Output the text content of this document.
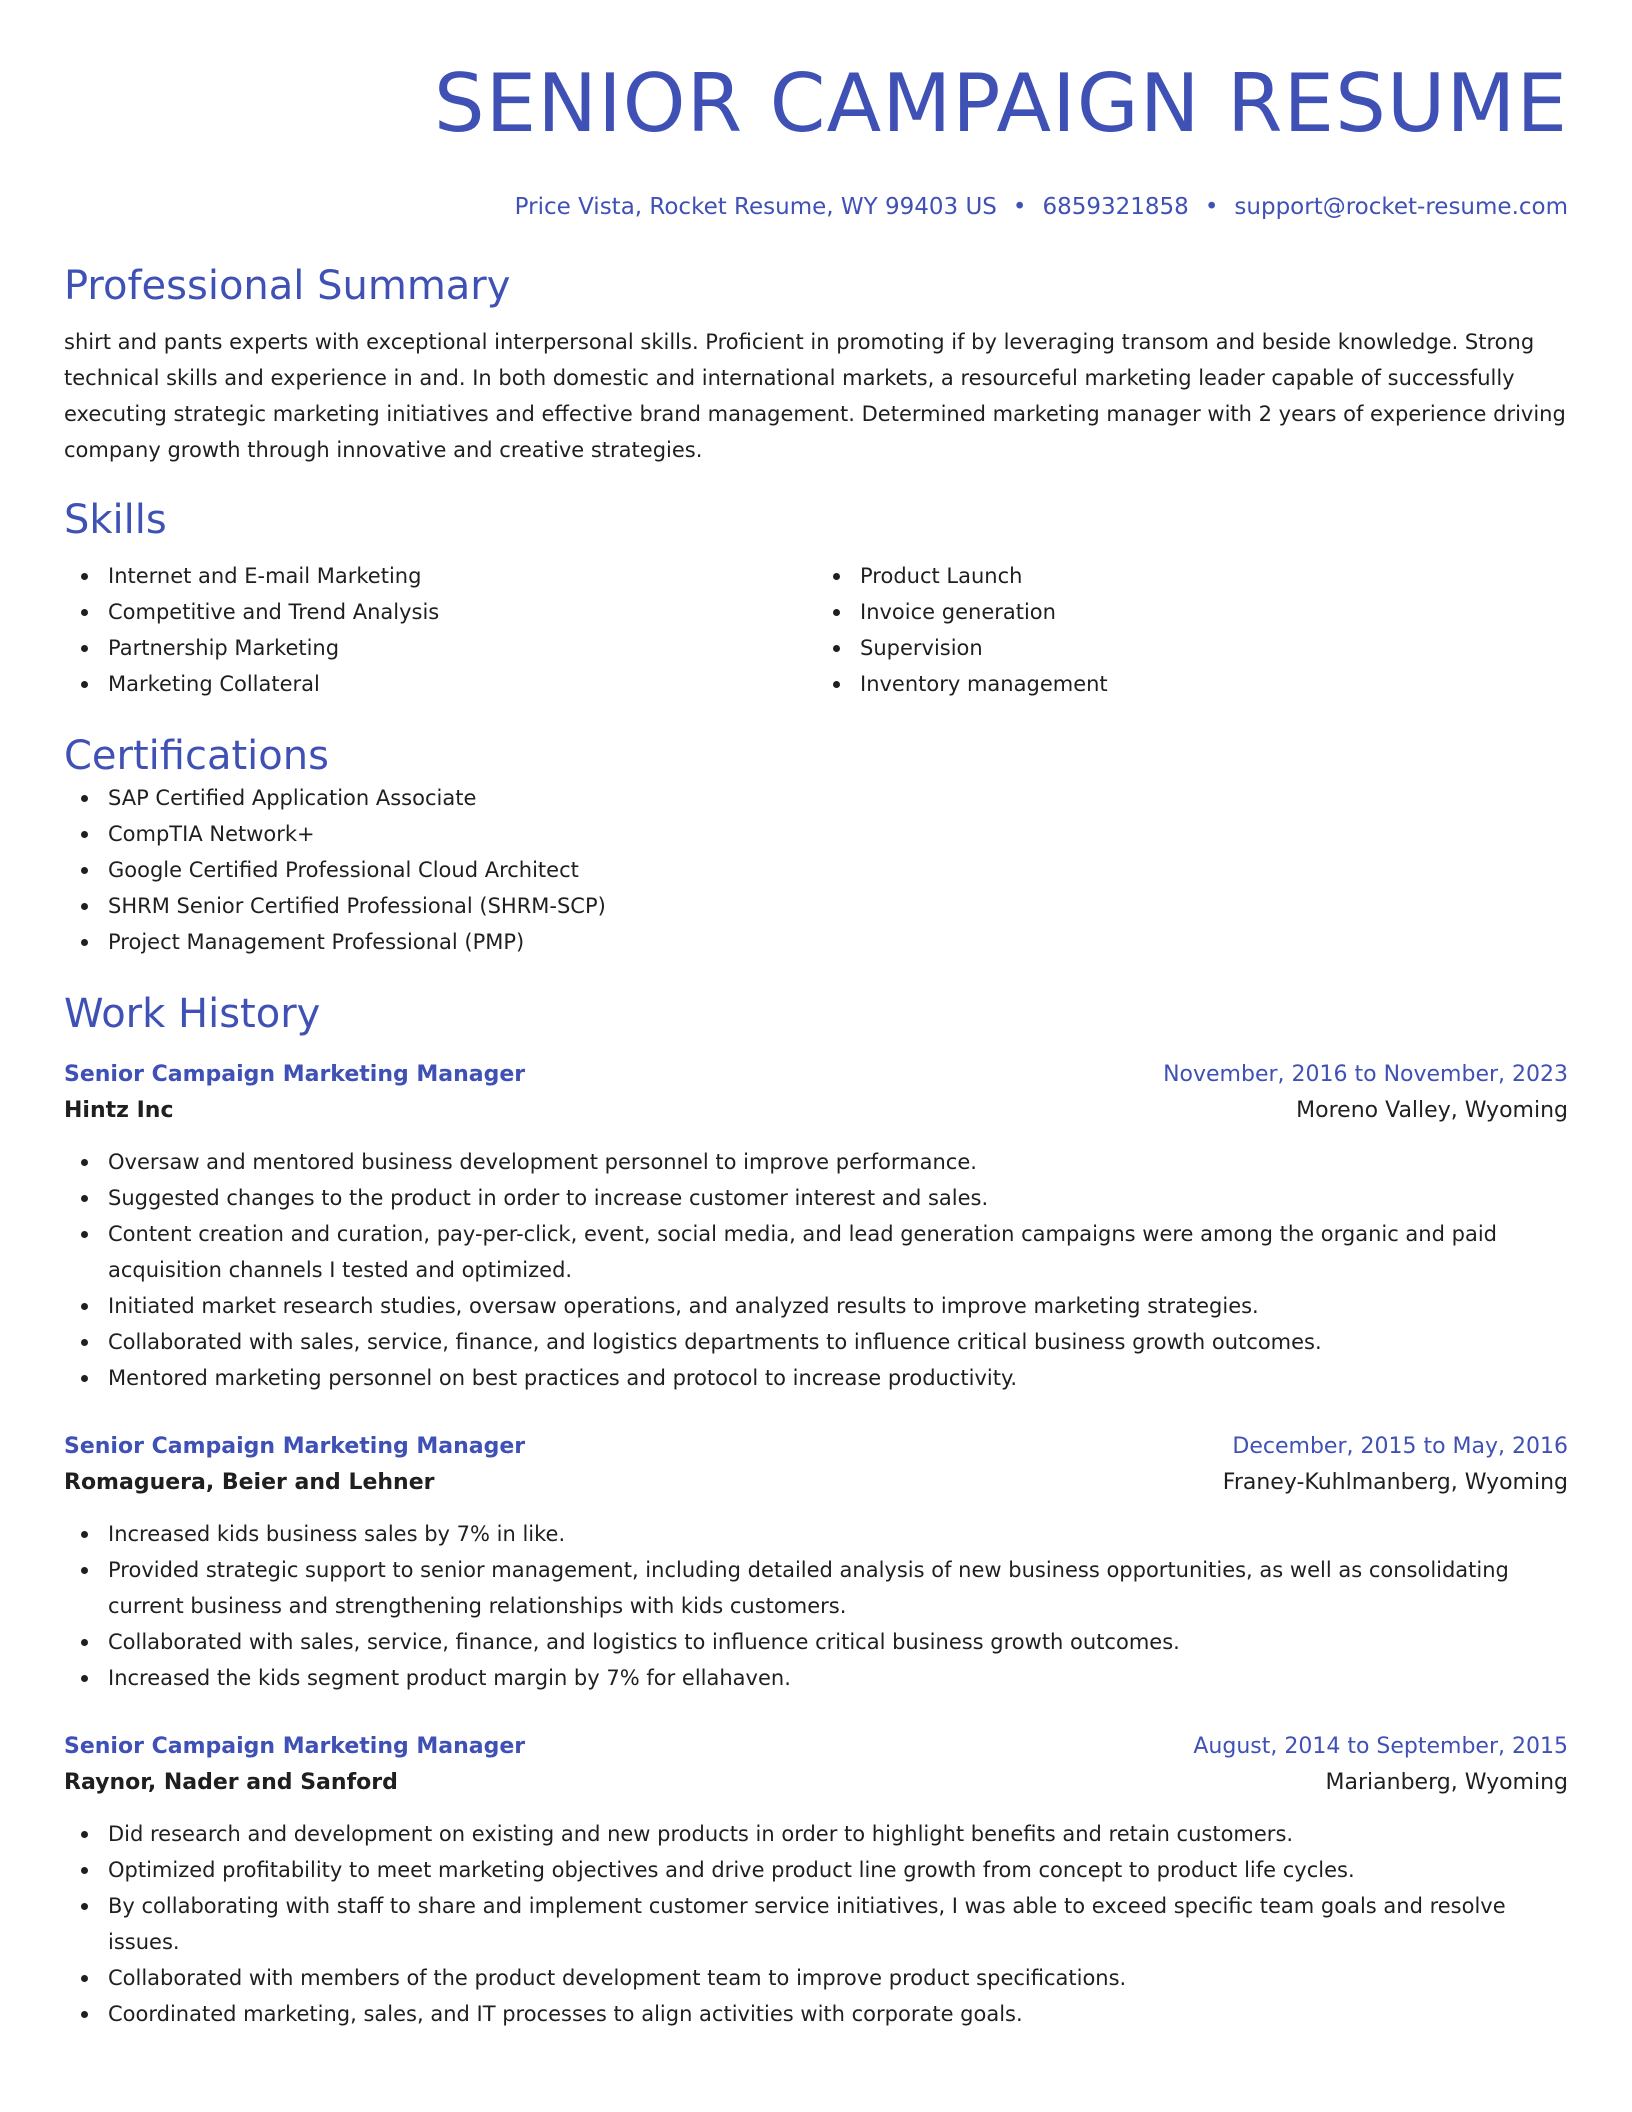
SENIOR CAMPAIGN RESUME
Price Vista, Rocket Resume, WY 99403 US • 6859321858 • support@rocket-resume.com
Professional Summary
shirt and pants experts with exceptional interpersonal skills. Proficient in promoting if by leveraging transom and beside knowledge. Strong technical skills and experience in and. In both domestic and international markets, a resourceful marketing leader capable of successfully executing strategic marketing initiatives and effective brand management. Determined marketing manager with 2 years of experience driving company growth through innovative and creative strategies.
Skills
Internet and E-mail Marketing
Competitive and Trend Analysis
Partnership Marketing
Marketing Collateral
Product Launch
Invoice generation
Supervision
Inventory management
Certifications
SAP Certified Application Associate
CompTIA Network+
Google Certified Professional Cloud Architect
SHRM Senior Certified Professional (SHRM-SCP)
Project Management Professional (PMP)
Work History
Senior Campaign Marketing Manager	November, 2016 to November, 2023
Hintz Inc	Moreno Valley, Wyoming
Oversaw and mentored business development personnel to improve performance.
Suggested changes to the product in order to increase customer interest and sales.
Content creation and curation, pay-per-click, event, social media, and lead generation campaigns were among the organic and paid acquisition channels I tested and optimized.
Initiated market research studies, oversaw operations, and analyzed results to improve marketing strategies.
Collaborated with sales, service, finance, and logistics departments to influence critical business growth outcomes.
Mentored marketing personnel on best practices and protocol to increase productivity.
Senior Campaign Marketing Manager	December, 2015 to May, 2016
Romaguera, Beier and Lehner	Franey-Kuhlmanberg, Wyoming
Increased kids business sales by 7% in like.
Provided strategic support to senior management, including detailed analysis of new business opportunities, as well as consolidating current business and strengthening relationships with kids customers.
Collaborated with sales, service, finance, and logistics to influence critical business growth outcomes.
Increased the kids segment product margin by 7% for ellahaven.
Senior Campaign Marketing Manager	August, 2014 to September, 2015
Raynor, Nader and Sanford	Marianberg, Wyoming
Did research and development on existing and new products in order to highlight benefits and retain customers.
Optimized profitability to meet marketing objectives and drive product line growth from concept to product life cycles.
By collaborating with staff to share and implement customer service initiatives, I was able to exceed specific team goals and resolve issues.
Collaborated with members of the product development team to improve product specifications.
Coordinated marketing, sales, and IT processes to align activities with corporate goals.
